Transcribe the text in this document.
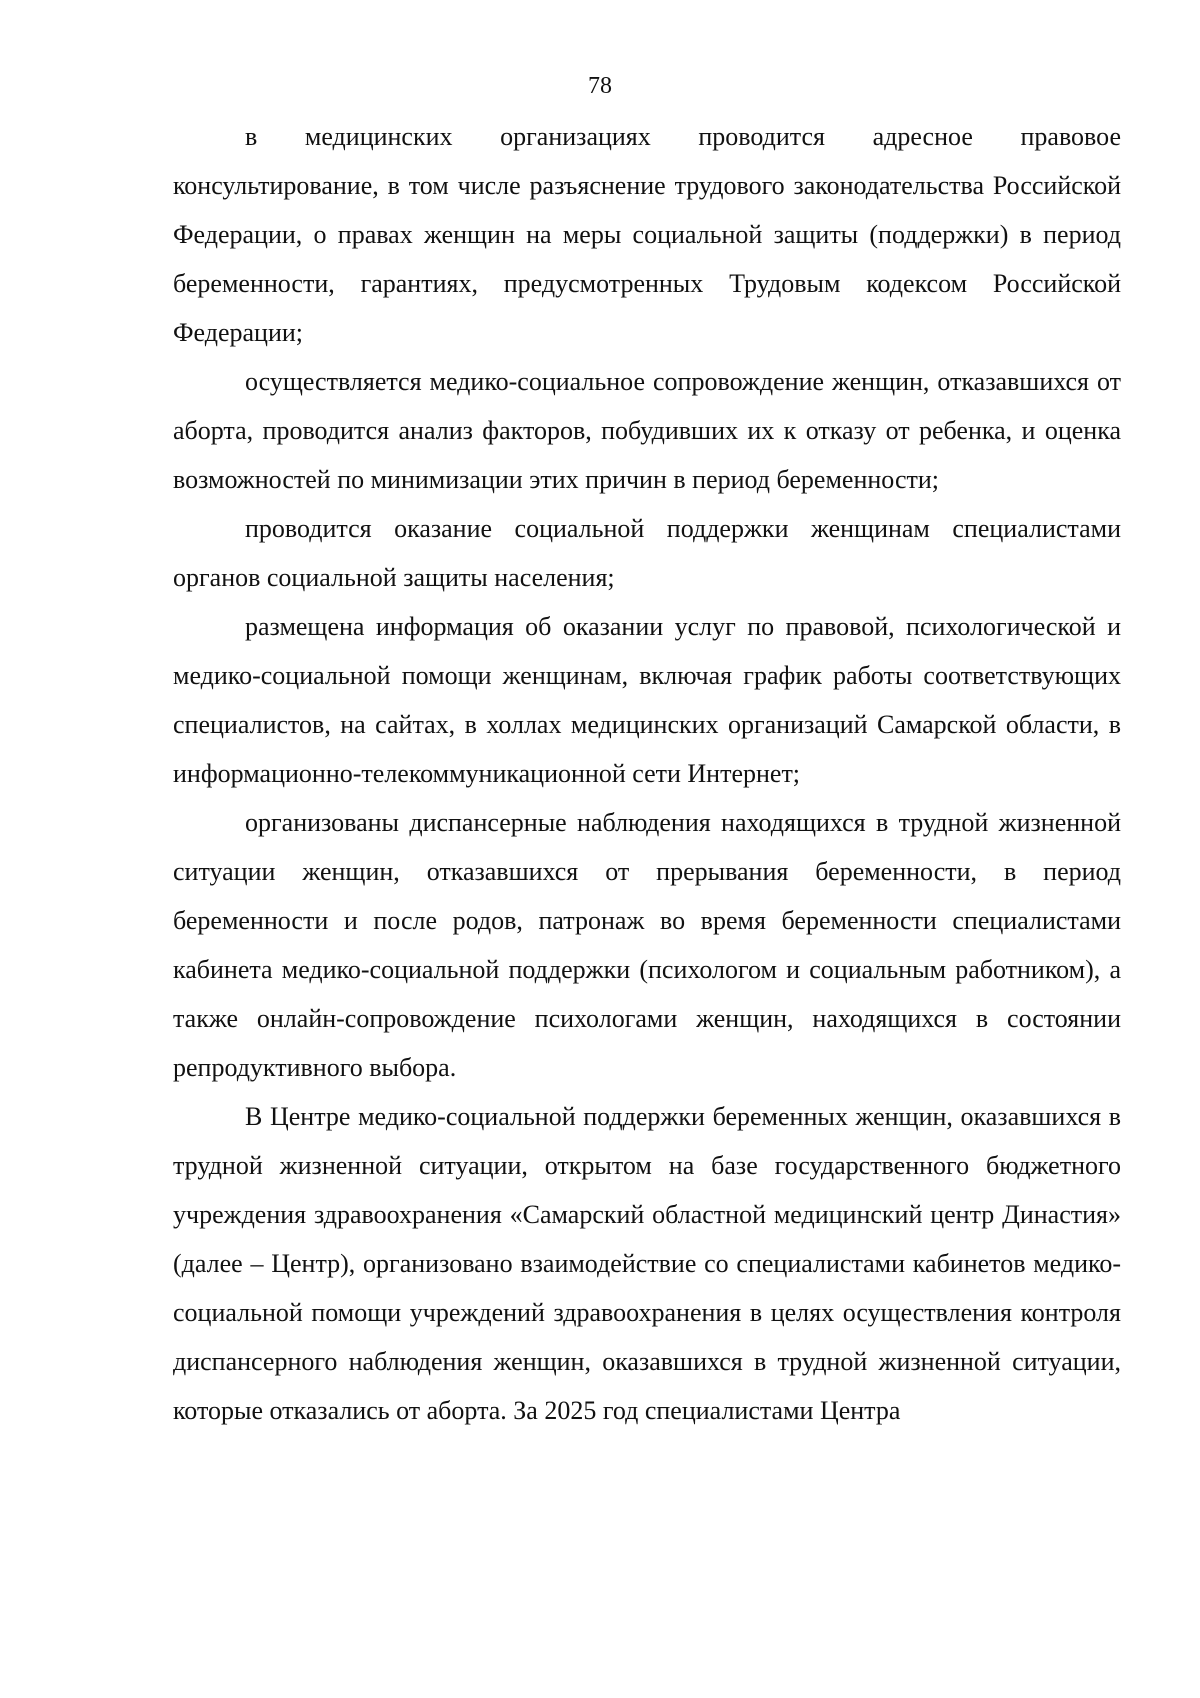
78

в медицинских организациях проводится адресное правовое консультирование, в том числе разъяснение трудового законодательства Российской Федерации, о правах женщин на меры социальной защиты (поддержки) в период беременности, гарантиях, предусмотренных Трудовым кодексом Российской Федерации;

осуществляется медико-социальное сопровождение женщин, отказавшихся от аборта, проводится анализ факторов, побудивших их к отказу от ребенка, и оценка возможностей по минимизации этих причин в период беременности;

проводится оказание социальной поддержки женщинам специалистами органов социальной защиты населения;

размещена информация об оказании услуг по правовой, психологической и медико-социальной помощи женщинам, включая график работы соответствующих специалистов, на сайтах, в холлах медицинских организаций Самарской области, в информационно-телекоммуникационной сети Интернет;

организованы диспансерные наблюдения находящихся в трудной жизненной ситуации женщин, отказавшихся от прерывания беременности, в период беременности и после родов, патронаж во время беременности специалистами кабинета медико-социальной поддержки (психологом и социальным работником), а также онлайн-сопровождение психологами женщин, находящихся в состоянии репродуктивного выбора.

В Центре медико-социальной поддержки беременных женщин, оказавшихся в трудной жизненной ситуации, открытом на базе государственного бюджетного учреждения здравоохранения «Самарский областной медицинский центр Династия» (далее – Центр), организовано взаимодействие со специалистами кабинетов медико-социальной помощи учреждений здравоохранения в целях осуществления контроля диспансерного наблюдения женщин, оказавшихся в трудной жизненной ситуации, которые отказались от аборта. За 2025 год специалистами Центра
